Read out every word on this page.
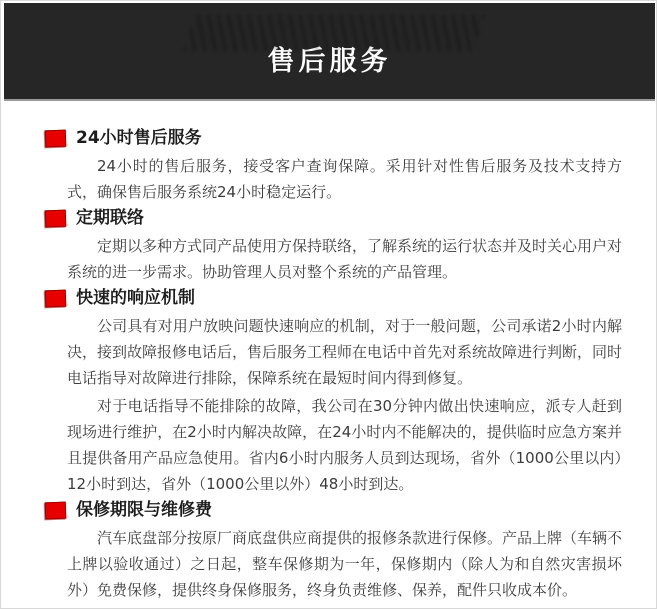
售后服务
24小时售后服务

24小时的售后服务，接受客户查询保障。采用针对性售后服务及技术支持方式，确保售后服务系统24小时稳定运行。

定期联络

定期以多种方式同产品使用方保持联络，了解系统的运行状态并及时关心用户对系统的进一步需求。协助管理人员对整个系统的产品管理。

快速的响应机制

公司具有对用户放映问题快速响应的机制，对于一般问题，公司承诺2小时内解决，接到故障报修电话后，售后服务工程师在电话中首先对系统故障进行判断，同时电话指导对故障进行排除，保障系统在最短时间内得到修复。

对于电话指导不能排除的故障，我公司在30分钟内做出快速响应，派专人赶到现场进行维护，在2小时内解决故障，在24小时内不能解决的，提供临时应急方案并且提供备用产品应急使用。省内6小时内服务人员到达现场，省外（1000公里以内）12小时到达，省外（1000公里以外）48小时到达。

保修期限与维修费

汽车底盘部分按原厂商底盘供应商提供的报修条款进行保修。产品上牌（车辆不上牌以验收通过）之日起，整车保修期为一年，保修期内（除人为和自然灾害损坏外）免费保修，提供终身保修服务，终身负责维修、保养，配件只收成本价。
